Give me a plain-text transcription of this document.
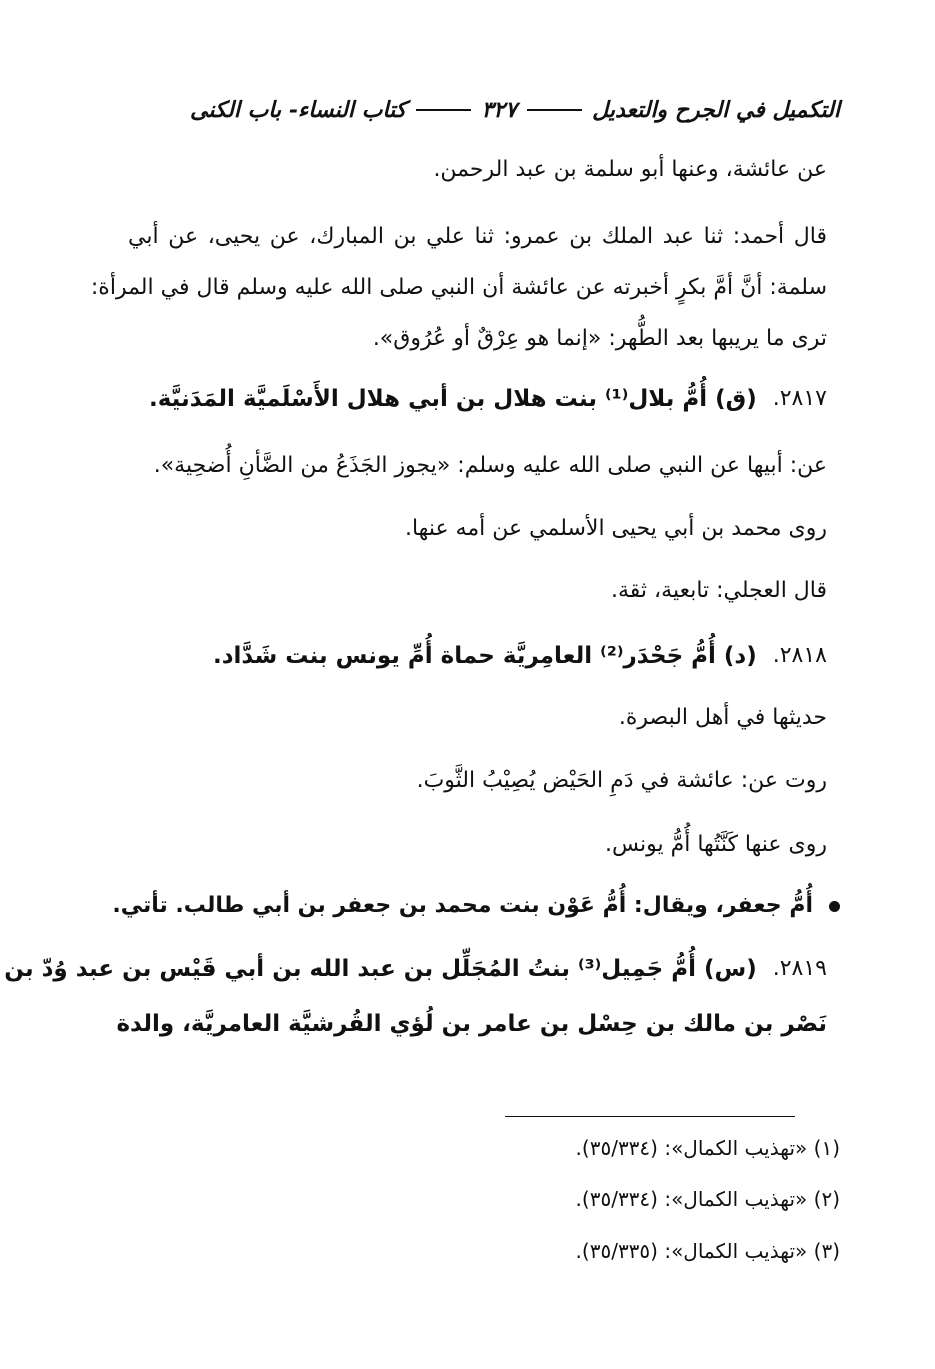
التكميل في الجرح والتعديل
٣٢٧
كتاب النساء- باب الكنى
عن عائشة، وعنها أبو سلمة بن عبد الرحمن.
قال أحمد: ثنا عبد الملك بن عمرو: ثنا علي بن المبارك، عن يحيى، عن أبي
سلمة: أنَّ أمَّ بكرٍ أخبرته عن عائشة أن النبي صلى الله عليه وسلم قال في المرأة:
ترى ما يريبها بعد الطُّهر: «إنما هو عِرْقٌ أو عُرُوق».
٢٨١٧.
(ق) أُمُّ بلال⁽¹⁾ بنت هلال بن أبي هلال الأَسْلَميَّة المَدَنيَّة.
عن: أبيها عن النبي صلى الله عليه وسلم: «يجوز الجَذَعُ من الضَّأنِ أُضحِية».
روى محمد بن أبي يحيى الأسلمي عن أمه عنها.
قال العجلي: تابعية، ثقة.
٢٨١٨.
(د) أُمُّ جَحْدَر⁽²⁾ العامِريَّة حماة أُمِّ يونس بنت شَدَّاد.
حديثها في أهل البصرة.
روت عن: عائشة في دَمِ الحَيْض يُصِيْبُ الثَّوبَ.
روى عنها كَنَّتُها أُمُّ يونس.
أُمُّ جعفر، ويقال: أُمُّ عَوْن بنت محمد بن جعفر بن أبي طالب. تأتي.
٢٨١٩.
(س) أُمُّ جَمِيل⁽³⁾ بنتُ المُجَلِّل بن عبد الله بن أبي قَيْس بن عبد وُدّ بن
نَصْر بن مالك بن حِسْل بن عامر بن لُؤي القُرشيَّة العامريَّة، والدة
(١) «تهذيب الكمال»: (٣٥/٣٣٤).
(٢) «تهذيب الكمال»: (٣٥/٣٣٤).
(٣) «تهذيب الكمال»: (٣٥/٣٣٥).
